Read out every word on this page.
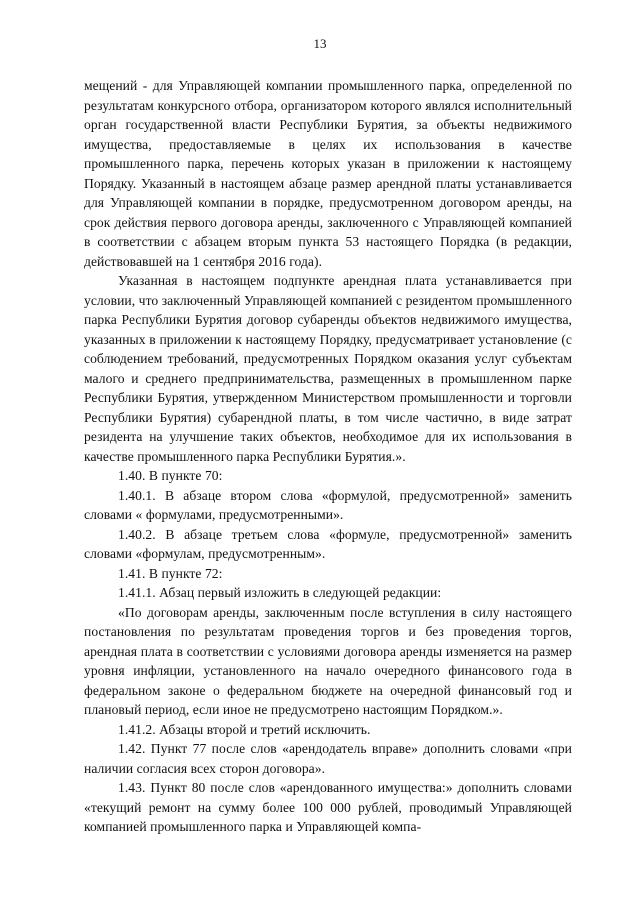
13

мещений - для Управляющей компании промышленного парка, определенной по результатам конкурсного отбора, организатором которого являлся исполнительный орган государственной власти Республики Бурятия, за объекты недвижимого имущества, предоставляемые в целях их использования в качестве промышленного парка, перечень которых указан в приложении к настоящему Порядку. Указанный в настоящем абзаце размер арендной платы устанавливается для Управляющей компании в порядке, предусмотренном договором аренды, на срок действия первого договора аренды, заключенного с Управляющей компанией в соответствии с абзацем вторым пункта 53 настоящего Порядка (в редакции, действовавшей на 1 сентября 2016 года).

Указанная в настоящем подпункте арендная плата устанавливается при условии, что заключенный Управляющей компанией с резидентом промышленного парка Республики Бурятия договор субаренды объектов недвижимого имущества, указанных в приложении к настоящему Порядку, предусматривает установление (с соблюдением требований, предусмотренных Порядком оказания услуг субъектам малого и среднего предпринимательства, размещенных в промышленном парке Республики Бурятия, утвержденном Министерством промышленности и торговли Республики Бурятия) субарендной платы, в том числе частично, в виде затрат резидента на улучшение таких объектов, необходимое для их использования в качестве промышленного парка Республики Бурятия.».

1.40. В пункте 70:

1.40.1. В абзаце втором слова «формулой, предусмотренной» заменить словами « формулами, предусмотренными».

1.40.2. В абзаце третьем слова «формуле, предусмотренной» заменить словами «формулам, предусмотренным».

1.41. В пункте 72:

1.41.1. Абзац первый изложить в следующей редакции:

«По договорам аренды, заключенным после вступления в силу настоящего постановления по результатам проведения торгов и без проведения торгов, арендная плата в соответствии с условиями договора аренды изменяется на размер уровня инфляции, установленного на начало очередного финансового года в федеральном законе о федеральном бюджете на очередной финансовый год и плановый период, если иное не предусмотрено настоящим Порядком.».

1.41.2. Абзацы второй и третий исключить.

1.42. Пункт 77 после слов «арендодатель вправе» дополнить словами «при наличии согласия всех сторон договора».

1.43. Пункт 80 после слов «арендованного имущества:» дополнить словами «текущий ремонт на сумму более 100 000 рублей, проводимый Управляющей компанией промышленного парка и Управляющей компа-
